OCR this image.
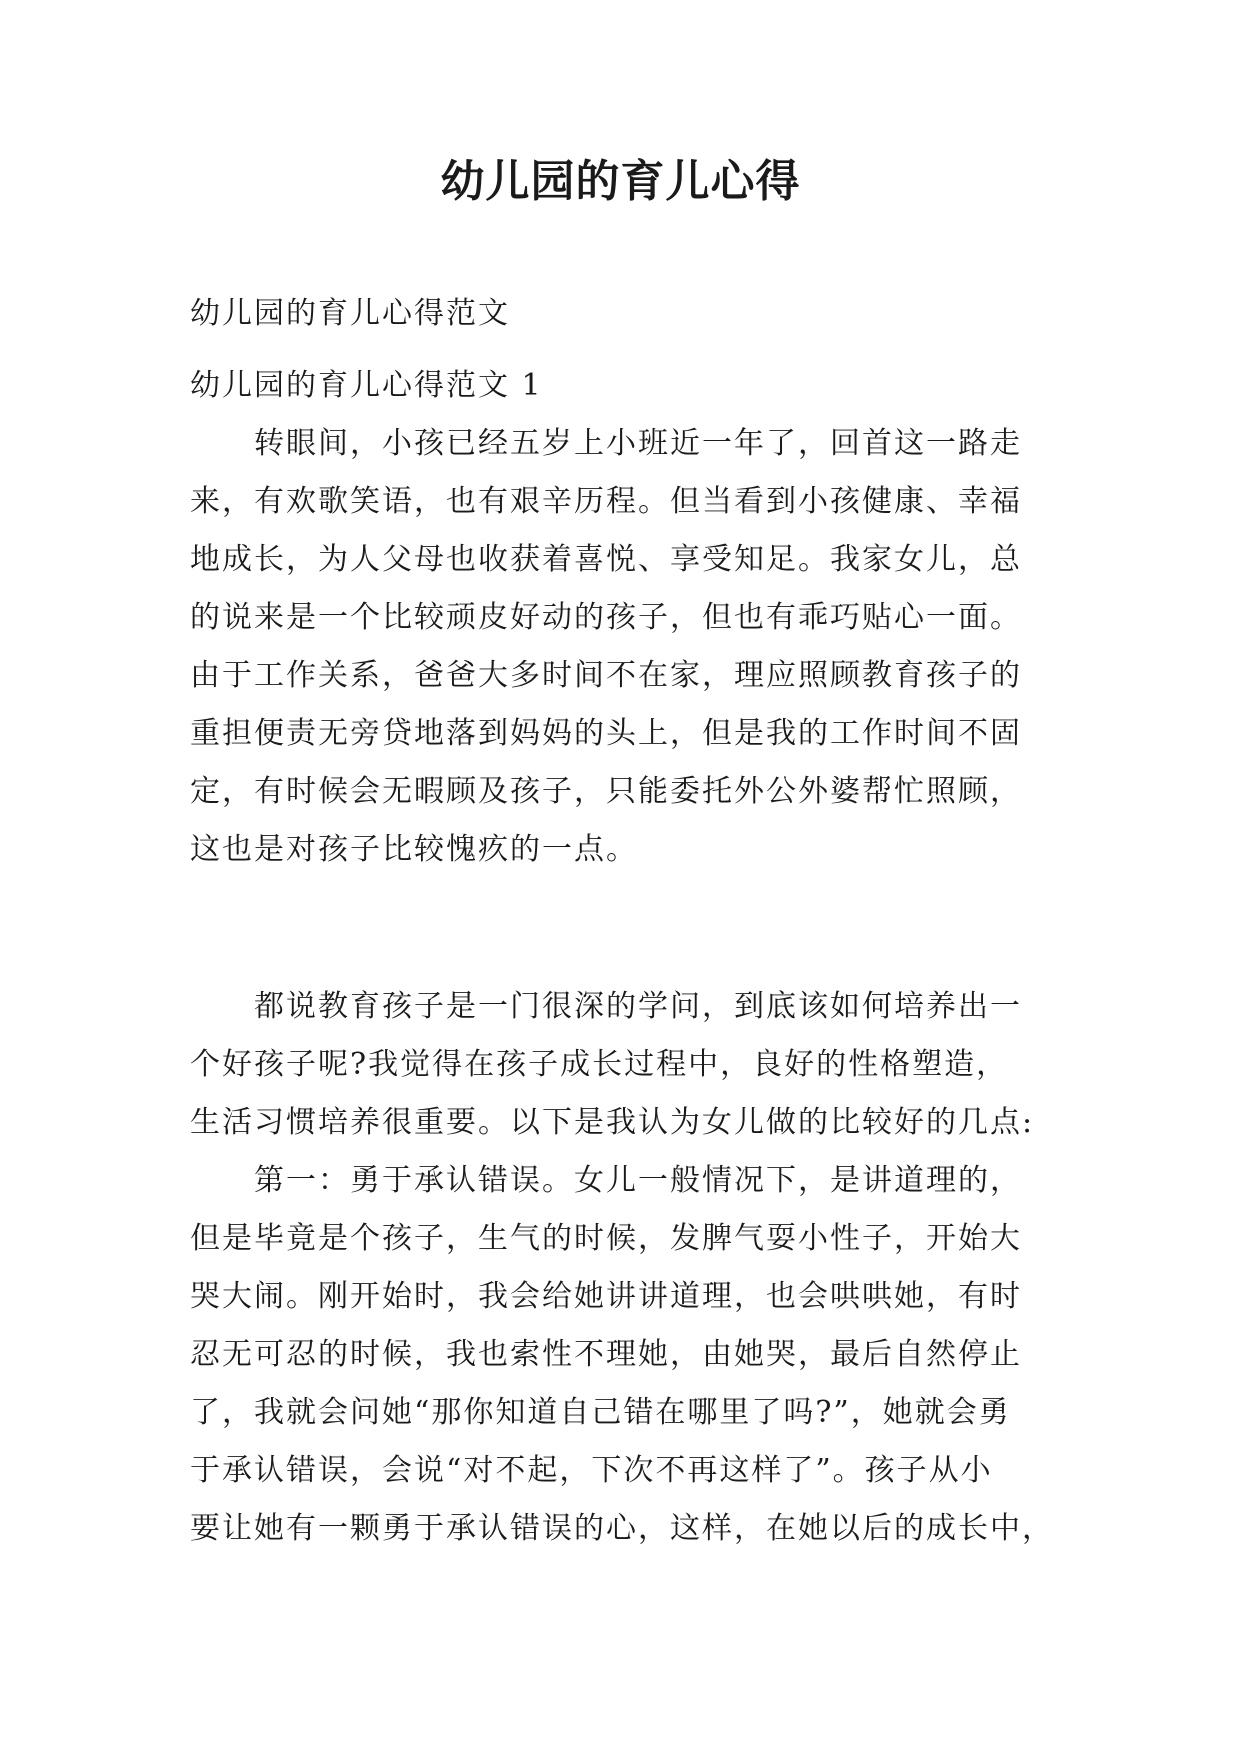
幼儿园的育儿心得
幼儿园的育儿心得范文
幼儿园的育儿心得范文 1
转眼间，小孩已经五岁上小班近一年了，回首这一路走
来，有欢歌笑语，也有艰辛历程。但当看到小孩健康、幸福
地成长，为人父母也收获着喜悦、享受知足。我家女儿，总
的说来是一个比较顽皮好动的孩子，但也有乖巧贴心一面。
由于工作关系，爸爸大多时间不在家，理应照顾教育孩子的
重担便责无旁贷地落到妈妈的头上，但是我的工作时间不固
定，有时候会无暇顾及孩子，只能委托外公外婆帮忙照顾，
这也是对孩子比较愧疚的一点。
都说教育孩子是一门很深的学问，到底该如何培养出一
个好孩子呢?我觉得在孩子成长过程中，良好的性格塑造，
生活习惯培养很重要。以下是我认为女儿做的比较好的几点:
第一：勇于承认错误。女儿一般情况下，是讲道理的，
但是毕竟是个孩子，生气的时候，发脾气耍小性子，开始大
哭大闹。刚开始时，我会给她讲讲道理，也会哄哄她，有时
忍无可忍的时候，我也索性不理她，由她哭，最后自然停止
了，我就会问她“那你知道自己错在哪里了吗?”，她就会勇
于承认错误，会说“对不起，下次不再这样了”。孩子从小
要让她有一颗勇于承认错误的心，这样，在她以后的成长中，
